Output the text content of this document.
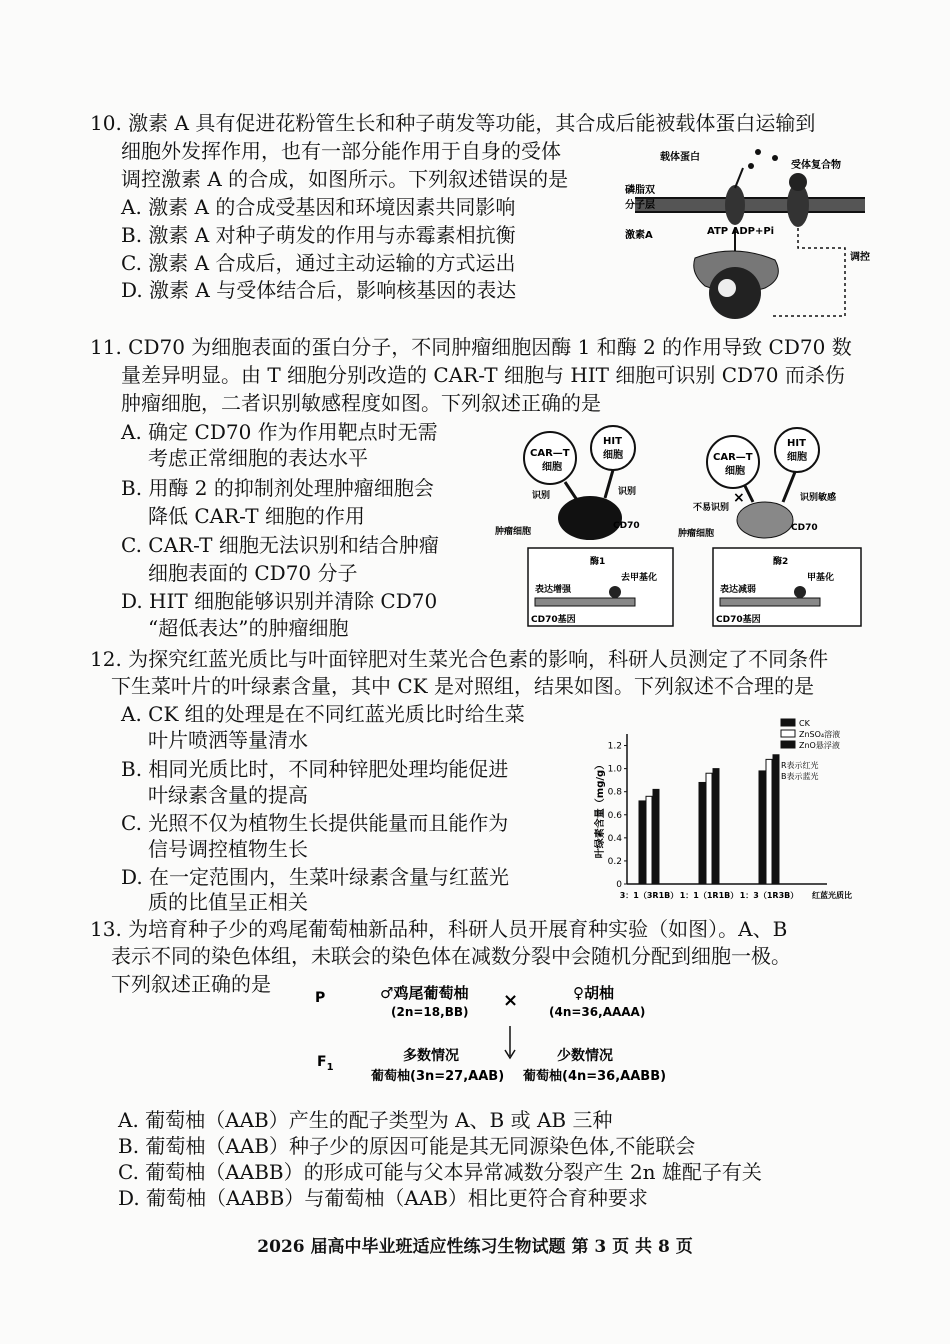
10. 激素 A 具有促进花粉管生长和种子萌发等功能，其合成后能被载体蛋白运输到
细胞外发挥作用，也有一部分能作用于自身的受体
调控激素 A 的合成，如图所示。下列叙述错误的是
A. 激素 A 的合成受基因和环境因素共同影响
B. 激素 A 对种子萌发的作用与赤霉素相抗衡
C. 激素 A 合成后，通过主动运输的方式运出
D. 激素 A 与受体结合后，影响核基因的表达
载体蛋白
受体复合物
磷脂双
分子层
ATP ADP+Pi
激素A
调控
11. CD70 为细胞表面的蛋白分子，不同肿瘤细胞因酶 1 和酶 2 的作用导致 CD70 数
量差异明显。由 T 细胞分别改造的 CAR-T 细胞与 HIT 细胞可识别 CD70 而杀伤
肿瘤细胞，二者识别敏感程度如图。下列叙述正确的是
A. 确定 CD70 作为作用靶点时无需
考虑正常细胞的表达水平
B. 用酶 2 的抑制剂处理肿瘤细胞会
降低 CAR-T 细胞的作用
C. CAR-T 细胞无法识别和结合肿瘤
细胞表面的 CD70 分子
D. HIT 细胞能够识别并清除 CD70
“超低表达”的肿瘤细胞
CAR—T
细胞
HIT
细胞
识别	识别
肿瘤细胞
CD70
酶1
去甲基化
表达增强
CD70基因
×
CAR—T
细胞
HIT
细胞
不易识别
识别敏感
肿瘤细胞
CD70
酶2
甲基化
表达减弱
CD70基因
12. 为探究红蓝光质比与叶面锌肥对生菜光合色素的影响，科研人员测定了不同条件
下生菜叶片的叶绿素含量，其中 CK 是对照组，结果如图。下列叙述不合理的是
A. CK 组的处理是在不同红蓝光质比时给生菜
叶片喷洒等量清水
B. 相同光质比时，不同种锌肥处理均能促进
叶绿素含量的提高
C. 光照不仅为植物生长提供能量而且能作为
信号调控植物生长
D. 在一定范围内，生菜叶绿素含量与红蓝光
质的比值呈正相关
0
0.2
0.4
0.6
0.8
1.0
1.2
叶绿素含量（mg/g）
3：1（3R1B） 1：1（1R1B） 1：3（1R3B） 红蓝光质比
CK
ZnSO₄溶液
ZnO悬浮液
R表示红光
B表示蓝光
13. 为培育种子少的鸡尾葡萄柚新品种，科研人员开展育种实验（如图）。A、B
表示不同的染色体组，未联会的染色体在减数分裂中会随机分配到细胞一极。
下列叙述正确的是
P	♂鸡尾葡萄柚
(2n=18,BB)
×	♀胡柚
(4n=36,AAAA)
$F_1$
多数情况
葡萄柚(3n=27,AAB)
少数情况
葡萄柚(4n=36,AABB)
A. 葡萄柚（AAB）产生的配子类型为 A、B 或 AB 三种
B. 葡萄柚（AAB）种子少的原因可能是其无同源染色体,不能联会
C. 葡萄柚（AABB）的形成可能与父本异常减数分裂产生 2n 雄配子有关
D. 葡萄柚（AABB）与葡萄柚（AAB）相比更符合育种要求
2026 届高中毕业班适应性练习生物试题 第 3 页 共 8 页
